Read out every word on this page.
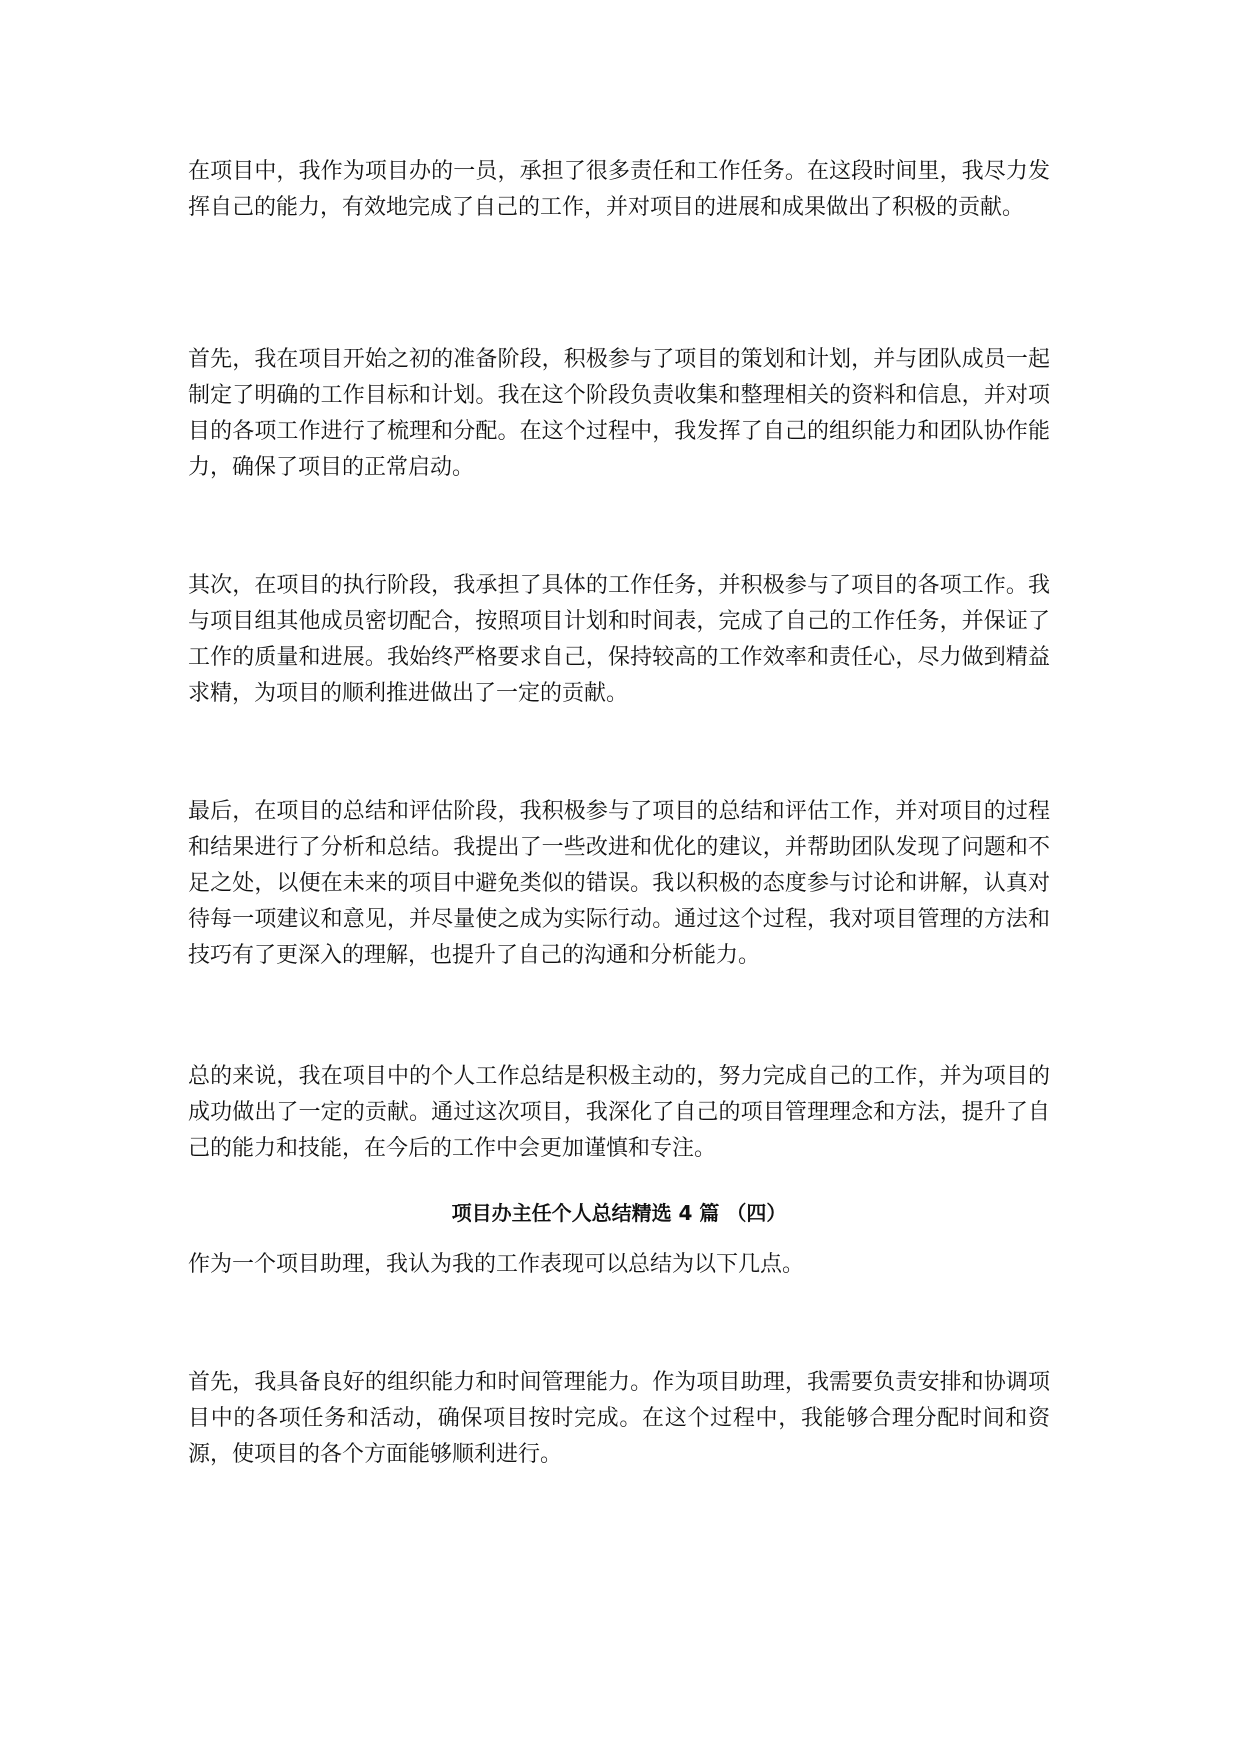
在项目中，我作为项目办的一员，承担了很多责任和工作任务。在这段时间里，我尽力发挥自己的能力，有效地完成了自己的工作，并对项目的进展和成果做出了积极的贡献。

首先，我在项目开始之初的准备阶段，积极参与了项目的策划和计划，并与团队成员一起制定了明确的工作目标和计划。我在这个阶段负责收集和整理相关的资料和信息，并对项目的各项工作进行了梳理和分配。在这个过程中，我发挥了自己的组织能力和团队协作能力，确保了项目的正常启动。

其次，在项目的执行阶段，我承担了具体的工作任务，并积极参与了项目的各项工作。我与项目组其他成员密切配合，按照项目计划和时间表，完成了自己的工作任务，并保证了工作的质量和进展。我始终严格要求自己，保持较高的工作效率和责任心，尽力做到精益求精，为项目的顺利推进做出了一定的贡献。

最后，在项目的总结和评估阶段，我积极参与了项目的总结和评估工作，并对项目的过程和结果进行了分析和总结。我提出了一些改进和优化的建议，并帮助团队发现了问题和不足之处，以便在未来的项目中避免类似的错误。我以积极的态度参与讨论和讲解，认真对待每一项建议和意见，并尽量使之成为实际行动。通过这个过程，我对项目管理的方法和技巧有了更深入的理解，也提升了自己的沟通和分析能力。

总的来说，我在项目中的个人工作总结是积极主动的，努力完成自己的工作，并为项目的成功做出了一定的贡献。通过这次项目，我深化了自己的项目管理理念和方法，提升了自己的能力和技能，在今后的工作中会更加谨慎和专注。

项目办主任个人总结精选 4 篇 （四）

作为一个项目助理，我认为我的工作表现可以总结为以下几点。

首先，我具备良好的组织能力和时间管理能力。作为项目助理，我需要负责安排和协调项目中的各项任务和活动，确保项目按时完成。在这个过程中，我能够合理分配时间和资源，使项目的各个方面能够顺利进行。
